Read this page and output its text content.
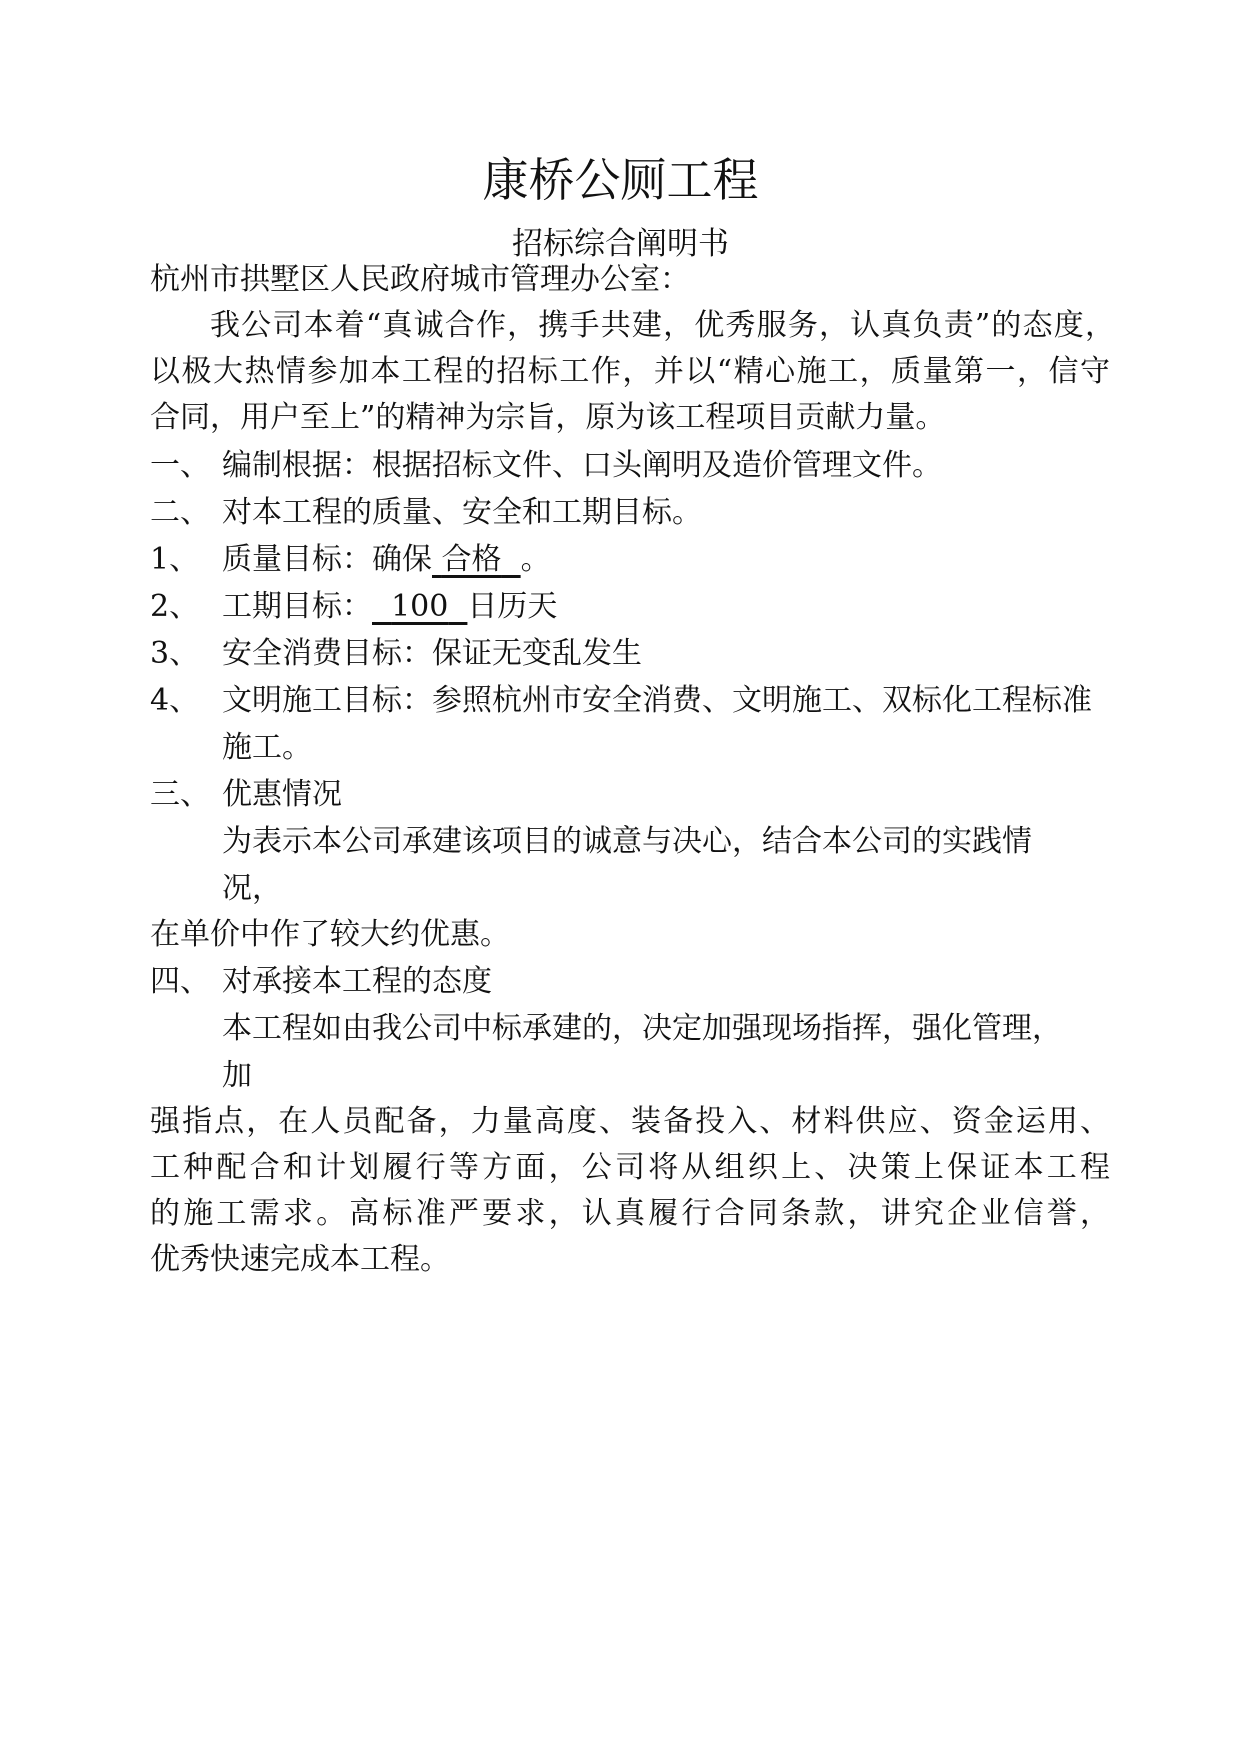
康桥公厕工程
招标综合阐明书
杭州市拱墅区人民政府城市管理办公室：
我公司本着“真诚合作，携手共建，优秀服务，认真负责”的态度，
以极大热情参加本工程的招标工作，并以“精心施工，质量第一，信守
合同，用户至上”的精神为宗旨，原为该工程项目贡献力量。
一、 编制根据：根据招标文件、口头阐明及造价管理文件。
二、 对本工程的质量、安全和工期目标。
1、 质量目标：确保 合格 。
2、 工期目标： 100 日历天
3、 安全消费目标：保证无变乱发生
4、 文明施工目标：参照杭州市安全消费、文明施工、双标化工程标准
施工。
三、 优惠情况
为表示本公司承建该项目的诚意与决心，结合本公司的实践情
况，
在单价中作了较大约优惠。
四、 对承接本工程的态度
本工程如由我公司中标承建的，决定加强现场指挥，强化管理，
加
强指点，在人员配备，力量高度、装备投入、材料供应、资金运用、
工种配合和计划履行等方面，公司将从组织上、决策上保证本工程
的施工需求。高标准严要求，认真履行合同条款，讲究企业信誉，
优秀快速完成本工程。
